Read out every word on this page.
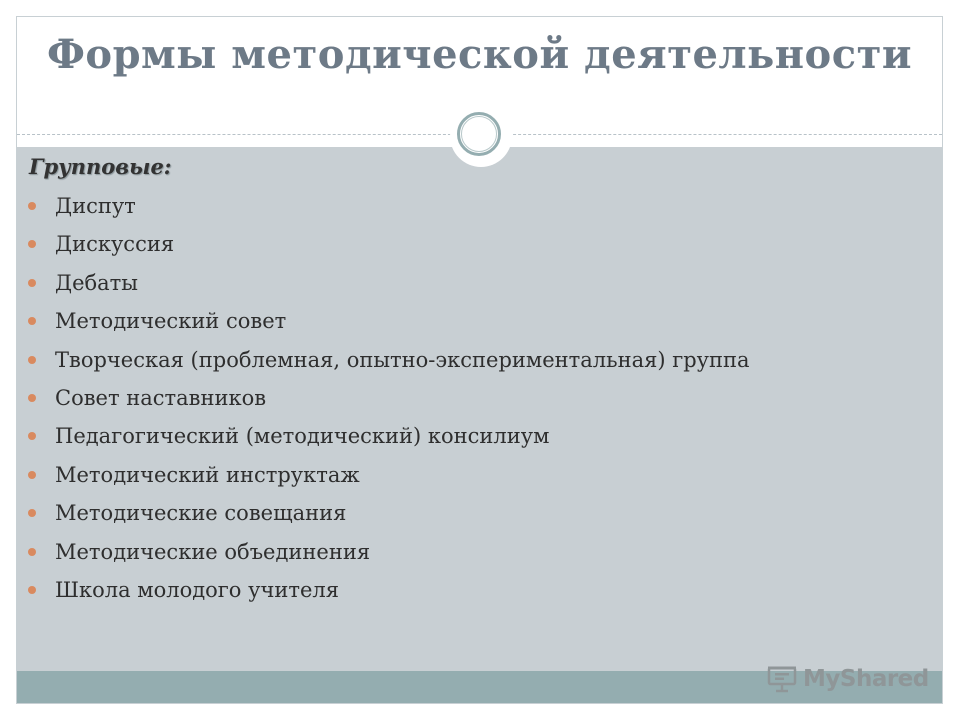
Формы методической деятельности
Групповые:
Диспут
Дискуссия
Дебаты
Методический совет
Творческая (проблемная, опытно-экспериментальная) группа
Совет наставников
Педагогический (методический) консилиум
Методический инструктаж
Методические совещания
Методические объединения
Школа молодого учителя
MyShared
